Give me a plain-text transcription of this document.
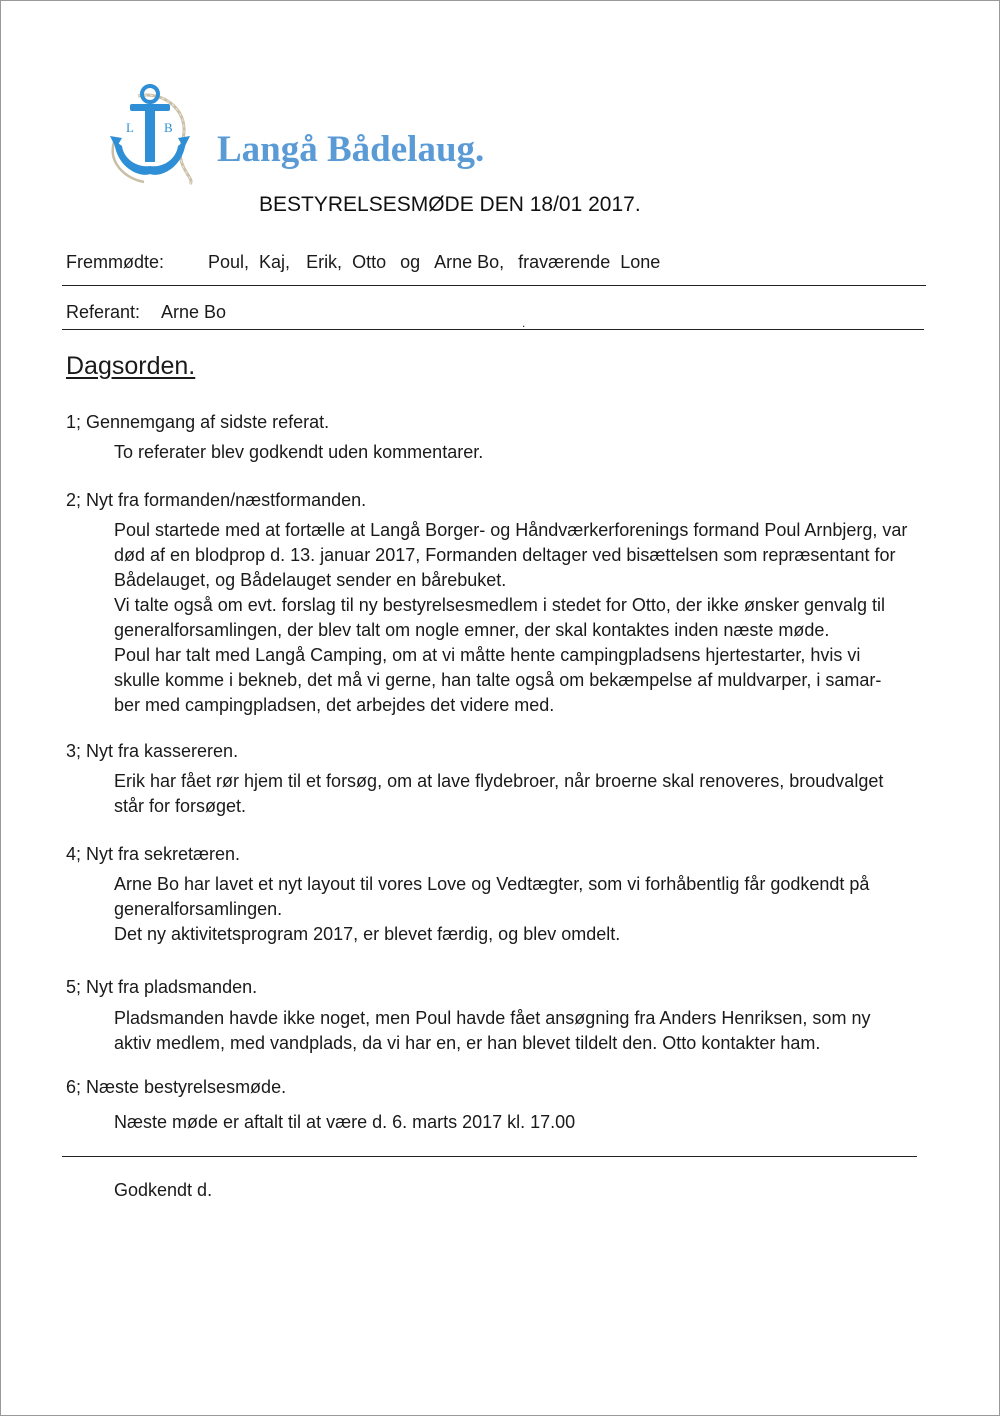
L B
Langå Bådelaug.
BESTYRELSESMØDE DEN 18/01 2017.
Fremmødte: Poul, Kaj, Erik, Otto og Arne Bo, fraværende Lone
Referant: Arne Bo
.
Dagsorden.
1; Gennemgang af sidste referat.

To referater blev godkendt uden kommentarer.

2; Nyt fra formanden/næstformanden.

Poul startede med at fortælle at Langå Borger- og Håndværkerforenings formand Poul Arnbjerg, var

død af en blodprop d. 13. januar 2017, Formanden deltager ved bisættelsen som repræsentant for

Bådelauget, og Bådelauget sender en bårebuket.

Vi talte også om evt. forslag til ny bestyrelsesmedlem i stedet for Otto, der ikke ønsker genvalg til

generalforsamlingen, der blev talt om nogle emner, der skal kontaktes inden næste møde.

Poul har talt med Langå Camping, om at vi måtte hente campingpladsens hjertestarter, hvis vi

skulle komme i bekneb, det må vi gerne, han talte også om bekæmpelse af muldvarper, i samar-

ber med campingpladsen, det arbejdes det videre med.

3; Nyt fra kassereren.

Erik har fået rør hjem til et forsøg, om at lave flydebroer, når broerne skal renoveres, broudvalget

står for forsøget.

4; Nyt fra sekretæren.

Arne Bo har lavet et nyt layout til vores Love og Vedtægter, som vi forhåbentlig får godkendt på

generalforsamlingen.

Det ny aktivitetsprogram 2017, er blevet færdig, og blev omdelt.

5; Nyt fra pladsmanden.

Pladsmanden havde ikke noget, men Poul havde fået ansøgning fra Anders Henriksen, som ny

aktiv medlem, med vandplads, da vi har en, er han blevet tildelt den. Otto kontakter ham.

6; Næste bestyrelsesmøde.

Næste møde er aftalt til at være d. 6. marts 2017 kl. 17.00

Godkendt d.
